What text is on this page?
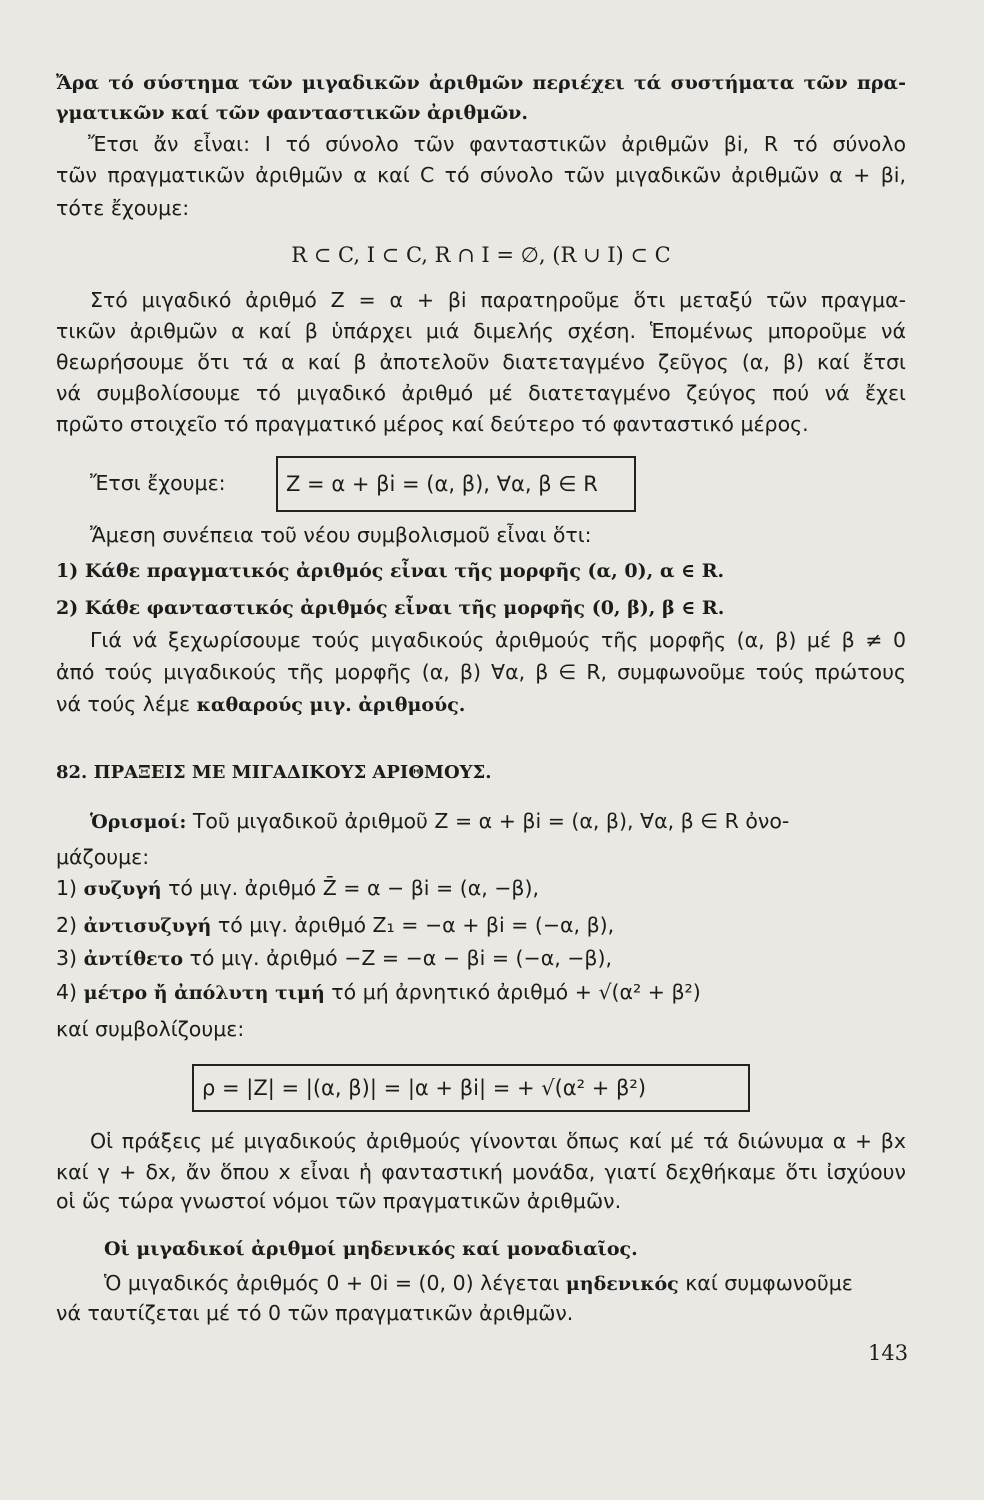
Ἄρα τό σύστημα τῶν μιγαδικῶν ἀριθμῶν περιέχει τά συστήματα τῶν πρα-
γματικῶν καί τῶν φανταστικῶν ἀριθμῶν.
Ἔτσι ἄν εἶναι: I τό σύνολο τῶν φανταστικῶν ἀριθμῶν βi, R τό σύνολο
τῶν πραγματικῶν ἀριθμῶν α καί C τό σύνολο τῶν μιγαδικῶν ἀριθμῶν α + βi,
τότε ἔχουμε:
R ⊂ C, I ⊂ C, R ∩ I = ∅, (R ∪ I) ⊂ C
Στό μιγαδικό ἀριθμό Z = α + βi παρατηροῦμε ὅτι μεταξύ τῶν πραγμα-
τικῶν ἀριθμῶν α καί β ὑπάρχει μιά διμελής σχέση. Ἑπομένως μποροῦμε νά
θεωρήσουμε ὅτι τά α καί β ἀποτελοῦν διατεταγμένο ζεῦγος (α, β) καί ἔτσι
νά συμβολίσουμε τό μιγαδικό ἀριθμό μέ διατεταγμένο ζεύγος πού νά ἔχει
πρῶτο στοιχεῖο τό πραγματικό μέρος καί δεύτερο τό φανταστικό μέρος.
Ἔτσι ἔχουμε:	Z = α + βi = (α, β), ∀α, β ∈ R
Ἄμεση συνέπεια τοῦ νέου συμβολισμοῦ εἶναι ὅτι:
1) Κάθε πραγματικός ἀριθμός εἶναι τῆς μορφῆς (α, 0), α ∈ R.
2) Κάθε φανταστικός ἀριθμός εἶναι τῆς μορφῆς (0, β), β ∈ R.
Γιά νά ξεχωρίσουμε τούς μιγαδικούς ἀριθμούς τῆς μορφῆς (α, β) μέ β ≠ 0
ἀπό τούς μιγαδικούς τῆς μορφῆς (α, β) ∀α, β ∈ R, συμφωνοῦμε τούς πρώτους
νά τούς λέμε καθαρούς μιγ. ἀριθμούς.
82. ΠΡΑΞΕΙΣ ΜΕ ΜΙΓΑΔΙΚΟΥΣ ΑΡΙΘΜΟΥΣ.
Ὁρισμοί: Τοῦ μιγαδικοῦ ἀριθμοῦ Z = α + βi = (α, β), ∀α, β ∈ R ὀνο-
μάζουμε:
1) συζυγή τό μιγ. ἀριθμό Z̄ = α − βi = (α, −β),
2) ἀντισυζυγή τό μιγ. ἀριθμό Z₁ = −α + βi = (−α, β),
3) ἀντίθετο τό μιγ. ἀριθμό −Z = −α − βi = (−α, −β),
4) μέτρο ἤ ἀπόλυτη τιμή τό μή ἀρνητικό ἀριθμό + √(α² + β²)
καί συμβολίζουμε:
ρ = |Z| = |(α, β)| = |α + βi| = + √(α² + β²)
Οἱ πράξεις μέ μιγαδικούς ἀριθμούς γίνονται ὅπως καί μέ τά διώνυμα α + βx
καί γ + δx, ἄν ὅπου x εἶναι ἡ φανταστική μονάδα, γιατί δεχθήκαμε ὅτι ἰσχύουν
οἱ ὥς τώρα γνωστοί νόμοι τῶν πραγματικῶν ἀριθμῶν.
Οἱ μιγαδικοί ἀριθμοί μηδενικός καί μοναδιαῖος.
Ὁ μιγαδικός ἀριθμός 0 + 0i = (0, 0) λέγεται μηδενικός καί συμφωνοῦμε
νά ταυτίζεται μέ τό 0 τῶν πραγματικῶν ἀριθμῶν.
143
